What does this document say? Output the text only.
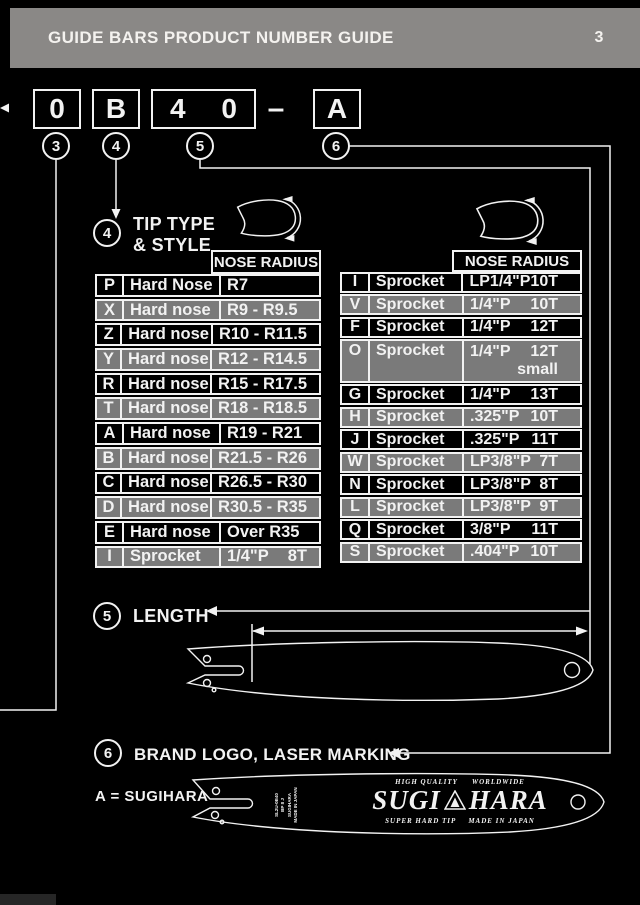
GUIDE BARS PRODUCT NUMBER GUIDE	3
0 B 4 0	–	A
3	4	5	6
4	TIP TYPE
& STYLE
NOSE RADIUS
P Hard Nose R7
X Hard nose R9 - R9.5
Z Hard nose R10 - R11.5
Y Hard nose R12 - R14.5
R Hard nose R15 - R17.5
T Hard nose R18 - R18.5
A Hard nose R19 - R21
B Hard nose R21.5 - R26
C Hard nose R26.5 - R30
D Hard nose R30.5 - R35
E Hard nose Over R35
I	Sprocket	1/4"P 8T
NOSE RADIUS
I	Sprocket	LP1/4"P 10T
V Sprocket	1/4"P 10T
F	Sprocket	1/4"P 12T
O Sprocket	1/4"P 12T
small
G Sprocket	1/4"P 13T
H Sprocket	.325"P 10T
J	Sprocket	.325"P 11T
W Sprocket	LP3/8"P 7T
N Sprocket	LP3/8"P 8T
L	Sprocket	LP3/8"P 9T
Q Sprocket	3/8"P 11T
S Sprocket	.404"P 10T
5	LENGTH
6	BRAND LOGO, LASER MARKING
A = SUGIHARA	SL2U-0B40 BP 8 J SUGIHARA MADE IN JAPAN
HIGH QUALITY WORLDWIDE
SUGI HARA
SUPER HARD TIP MADE IN JAPAN
